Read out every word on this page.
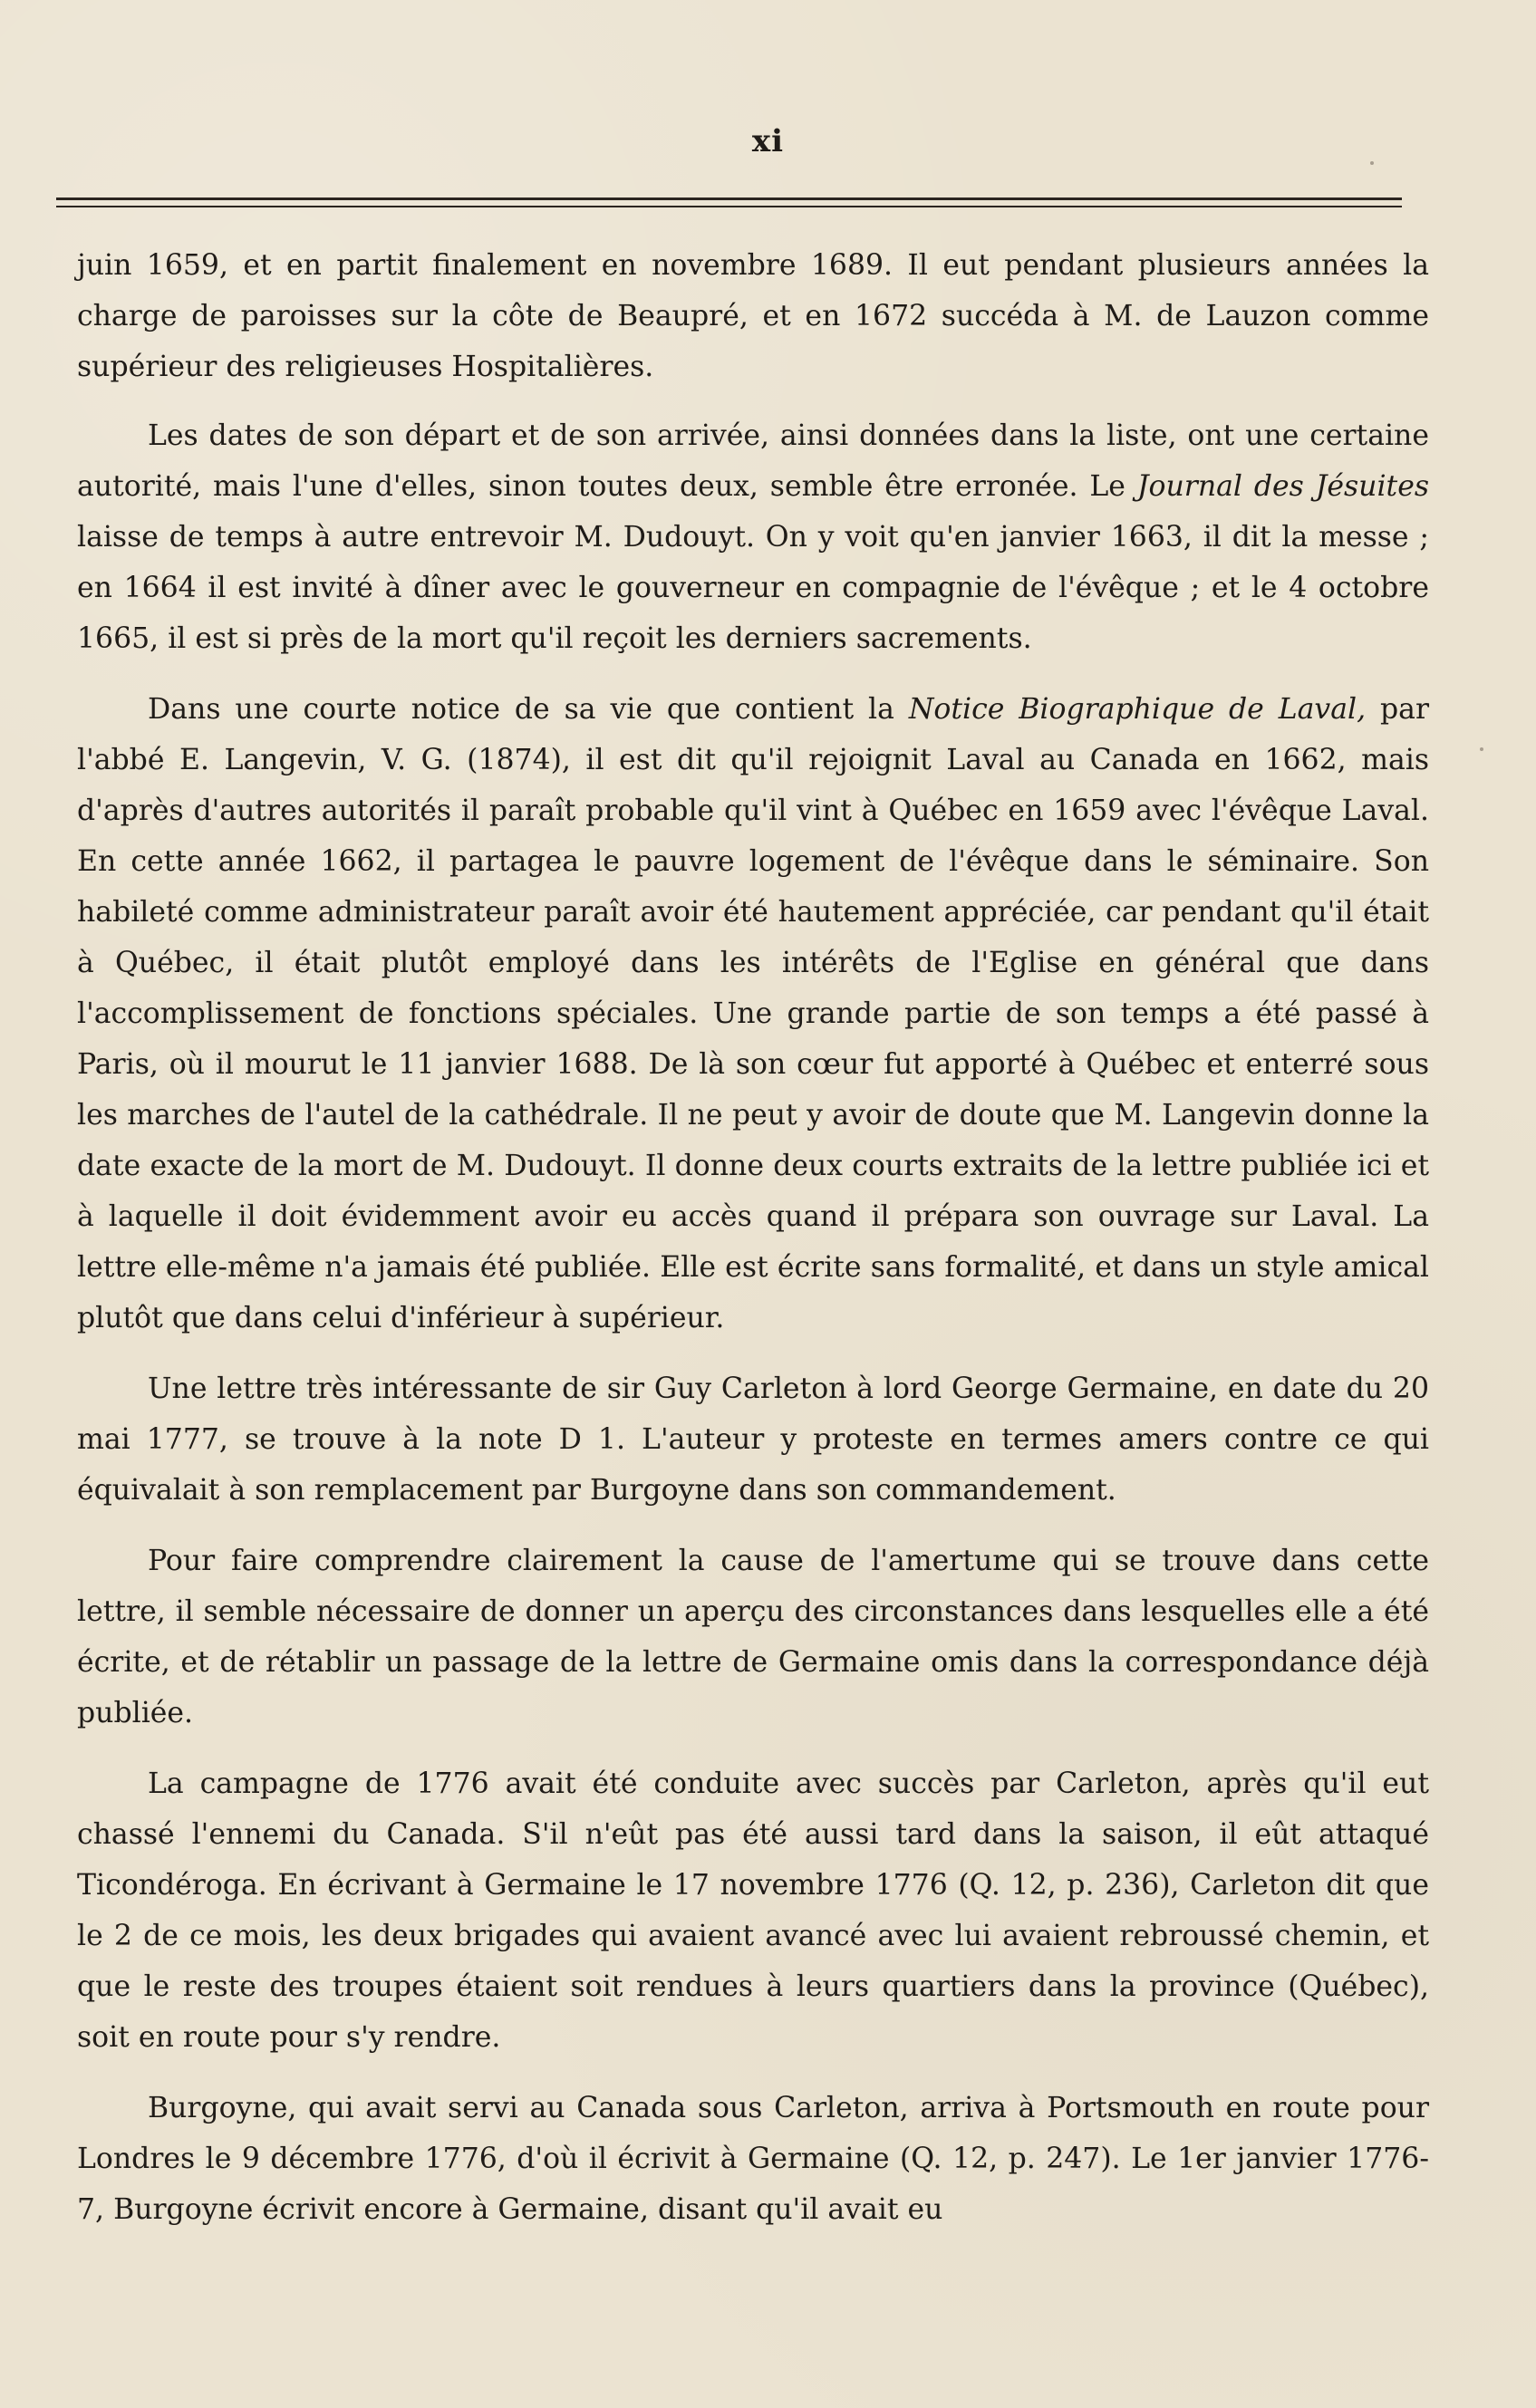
xi

juin 1659, et en partit finalement en novembre 1689. Il eut pendant plusieurs années la charge de paroisses sur la côte de Beaupré, et en 1672 succéda à M. de Lauzon comme supérieur des religieuses Hospitalières.

Les dates de son départ et de son arrivée, ainsi données dans la liste, ont une certaine autorité, mais l'une d'elles, sinon toutes deux, semble être erronée. Le Journal des Jésuites laisse de temps à autre entrevoir M. Dudouyt. On y voit qu'en janvier 1663, il dit la messe ; en 1664 il est invité à dîner avec le gouverneur en compagnie de l'évêque ; et le 4 octobre 1665, il est si près de la mort qu'il reçoit les derniers sacrements.

Dans une courte notice de sa vie que contient la Notice Biographique de Laval, par l'abbé E. Langevin, V. G. (1874), il est dit qu'il rejoignit Laval au Canada en 1662, mais d'après d'autres autorités il paraît probable qu'il vint à Québec en 1659 avec l'évêque Laval. En cette année 1662, il partagea le pauvre logement de l'évêque dans le séminaire. Son habileté comme administrateur paraît avoir été hautement appréciée, car pendant qu'il était à Québec, il était plutôt employé dans les intérêts de l'Eglise en général que dans l'accomplissement de fonctions spéciales. Une grande partie de son temps a été passé à Paris, où il mourut le 11 janvier 1688. De là son cœur fut apporté à Québec et enterré sous les marches de l'autel de la cathédrale. Il ne peut y avoir de doute que M. Langevin donne la date exacte de la mort de M. Dudouyt. Il donne deux courts extraits de la lettre publiée ici et à laquelle il doit évidemment avoir eu accès quand il prépara son ouvrage sur Laval. La lettre elle-même n'a jamais été publiée. Elle est écrite sans formalité, et dans un style amical plutôt que dans celui d'inférieur à supérieur.

Une lettre très intéressante de sir Guy Carleton à lord George Germaine, en date du 20 mai 1777, se trouve à la note D 1. L'auteur y proteste en termes amers contre ce qui équivalait à son remplacement par Burgoyne dans son commandement.

Pour faire comprendre clairement la cause de l'amertume qui se trouve dans cette lettre, il semble nécessaire de donner un aperçu des circonstances dans lesquelles elle a été écrite, et de rétablir un passage de la lettre de Germaine omis dans la correspondance déjà publiée.

La campagne de 1776 avait été conduite avec succès par Carleton, après qu'il eut chassé l'ennemi du Canada. S'il n'eût pas été aussi tard dans la saison, il eût attaqué Ticondéroga. En écrivant à Germaine le 17 novembre 1776 (Q. 12, p. 236), Carleton dit que le 2 de ce mois, les deux brigades qui avaient avancé avec lui avaient rebroussé chemin, et que le reste des troupes étaient soit rendues à leurs quartiers dans la province (Québec), soit en route pour s'y rendre.

Burgoyne, qui avait servi au Canada sous Carleton, arriva à Portsmouth en route pour Londres le 9 décembre 1776, d'où il écrivit à Germaine (Q. 12, p. 247). Le 1er janvier 1776-7, Burgoyne écrivit encore à Germaine, disant qu'il avait eu
